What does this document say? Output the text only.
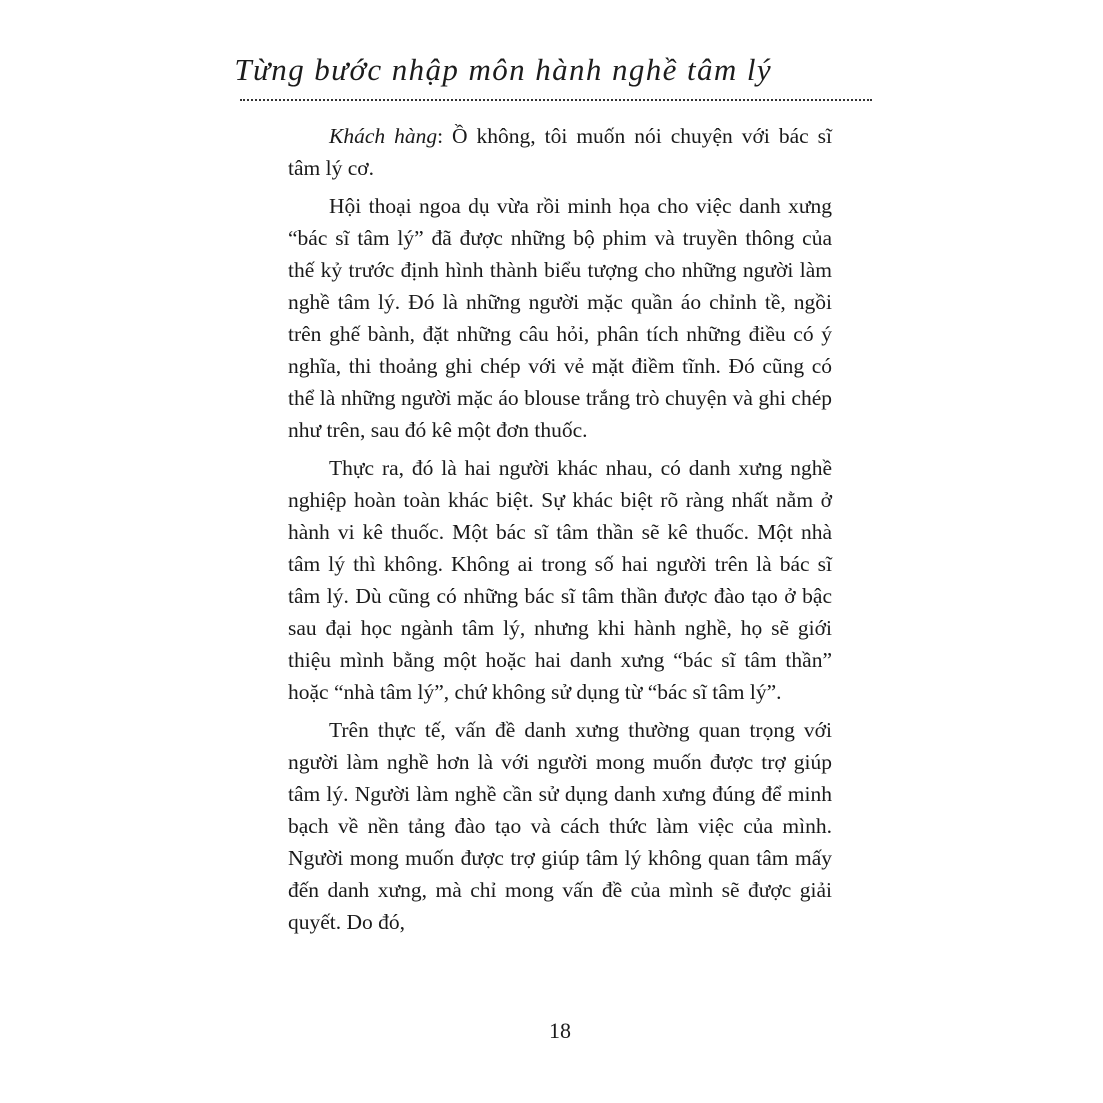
Từng bước nhập môn hành nghề tâm lý

Khách hàng: Ồ không, tôi muốn nói chuyện với bác sĩ tâm lý cơ.

Hội thoại ngoa dụ vừa rồi minh họa cho việc danh xưng “bác sĩ tâm lý” đã được những bộ phim và truyền thông của thế kỷ trước định hình thành biểu tượng cho những người làm nghề tâm lý. Đó là những người mặc quần áo chỉnh tề, ngồi trên ghế bành, đặt những câu hỏi, phân tích những điều có ý nghĩa, thi thoảng ghi chép với vẻ mặt điềm tĩnh. Đó cũng có thể là những người mặc áo blouse trắng trò chuyện và ghi chép như trên, sau đó kê một đơn thuốc.

Thực ra, đó là hai người khác nhau, có danh xưng nghề nghiệp hoàn toàn khác biệt. Sự khác biệt rõ ràng nhất nằm ở hành vi kê thuốc. Một bác sĩ tâm thần sẽ kê thuốc. Một nhà tâm lý thì không. Không ai trong số hai người trên là bác sĩ tâm lý. Dù cũng có những bác sĩ tâm thần được đào tạo ở bậc sau đại học ngành tâm lý, nhưng khi hành nghề, họ sẽ giới thiệu mình bằng một hoặc hai danh xưng “bác sĩ tâm thần” hoặc “nhà tâm lý”, chứ không sử dụng từ “bác sĩ tâm lý”.

Trên thực tế, vấn đề danh xưng thường quan trọng với người làm nghề hơn là với người mong muốn được trợ giúp tâm lý. Người làm nghề cần sử dụng danh xưng đúng để minh bạch về nền tảng đào tạo và cách thức làm việc của mình. Người mong muốn được trợ giúp tâm lý không quan tâm mấy đến danh xưng, mà chỉ mong vấn đề của mình sẽ được giải quyết. Do đó,

18
